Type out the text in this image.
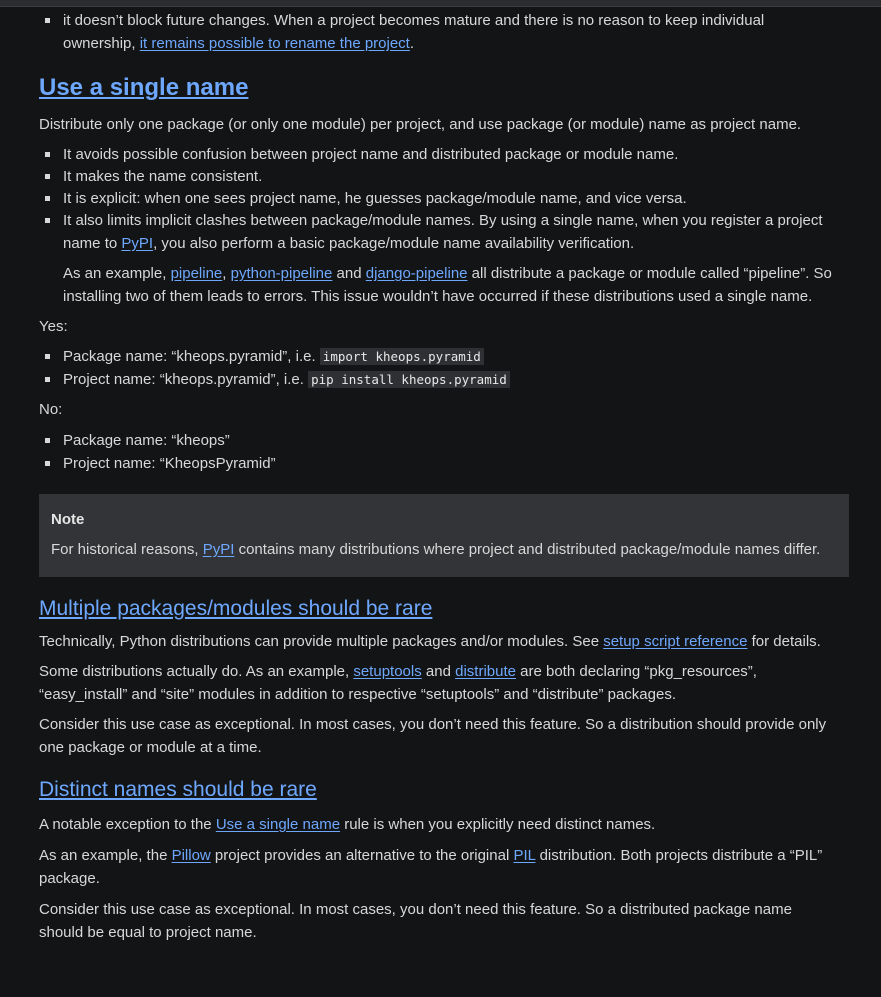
it doesn’t block future changes. When a project becomes mature and there is no reason to keep individual ownership, it remains possible to rename the project.
Use a single name

Distribute only one package (or only one module) per project, and use package (or module) name as project name.

It avoids possible confusion between project name and distributed package or module name.
It makes the name consistent.
It is explicit: when one sees project name, he guesses package/module name, and vice versa.
It also limits implicit clashes between package/module names. By using a single name, when you register a project name to PyPI, you also perform a basic package/module name availability verification.

As an example, pipeline, python-pipeline and django-pipeline all distribute a package or module called “pipeline”. So installing two of them leads to errors. This issue wouldn’t have occurred if these distributions used a single name.

Yes:

Package name: “kheops.pyramid”, i.e. import kheops.pyramid
Project name: “kheops.pyramid”, i.e. pip install kheops.pyramid

No:

Package name: “kheops”
Project name: “KheopsPyramid”
Note

For historical reasons, PyPI contains many distributions where project and distributed package/module names differ.

Multiple packages/modules should be rare

Technically, Python distributions can provide multiple packages and/or modules. See setup script reference for details.

Some distributions actually do. As an example, setuptools and distribute are both declaring “pkg_resources”, “easy_install” and “site” modules in addition to respective “setuptools” and “distribute” packages.

Consider this use case as exceptional. In most cases, you don’t need this feature. So a distribution should provide only one package or module at a time.

Distinct names should be rare

A notable exception to the Use a single name rule is when you explicitly need distinct names.

As an example, the Pillow project provides an alternative to the original PIL distribution. Both projects distribute a “PIL” package.

Consider this use case as exceptional. In most cases, you don’t need this feature. So a distributed package name should be equal to project name.
